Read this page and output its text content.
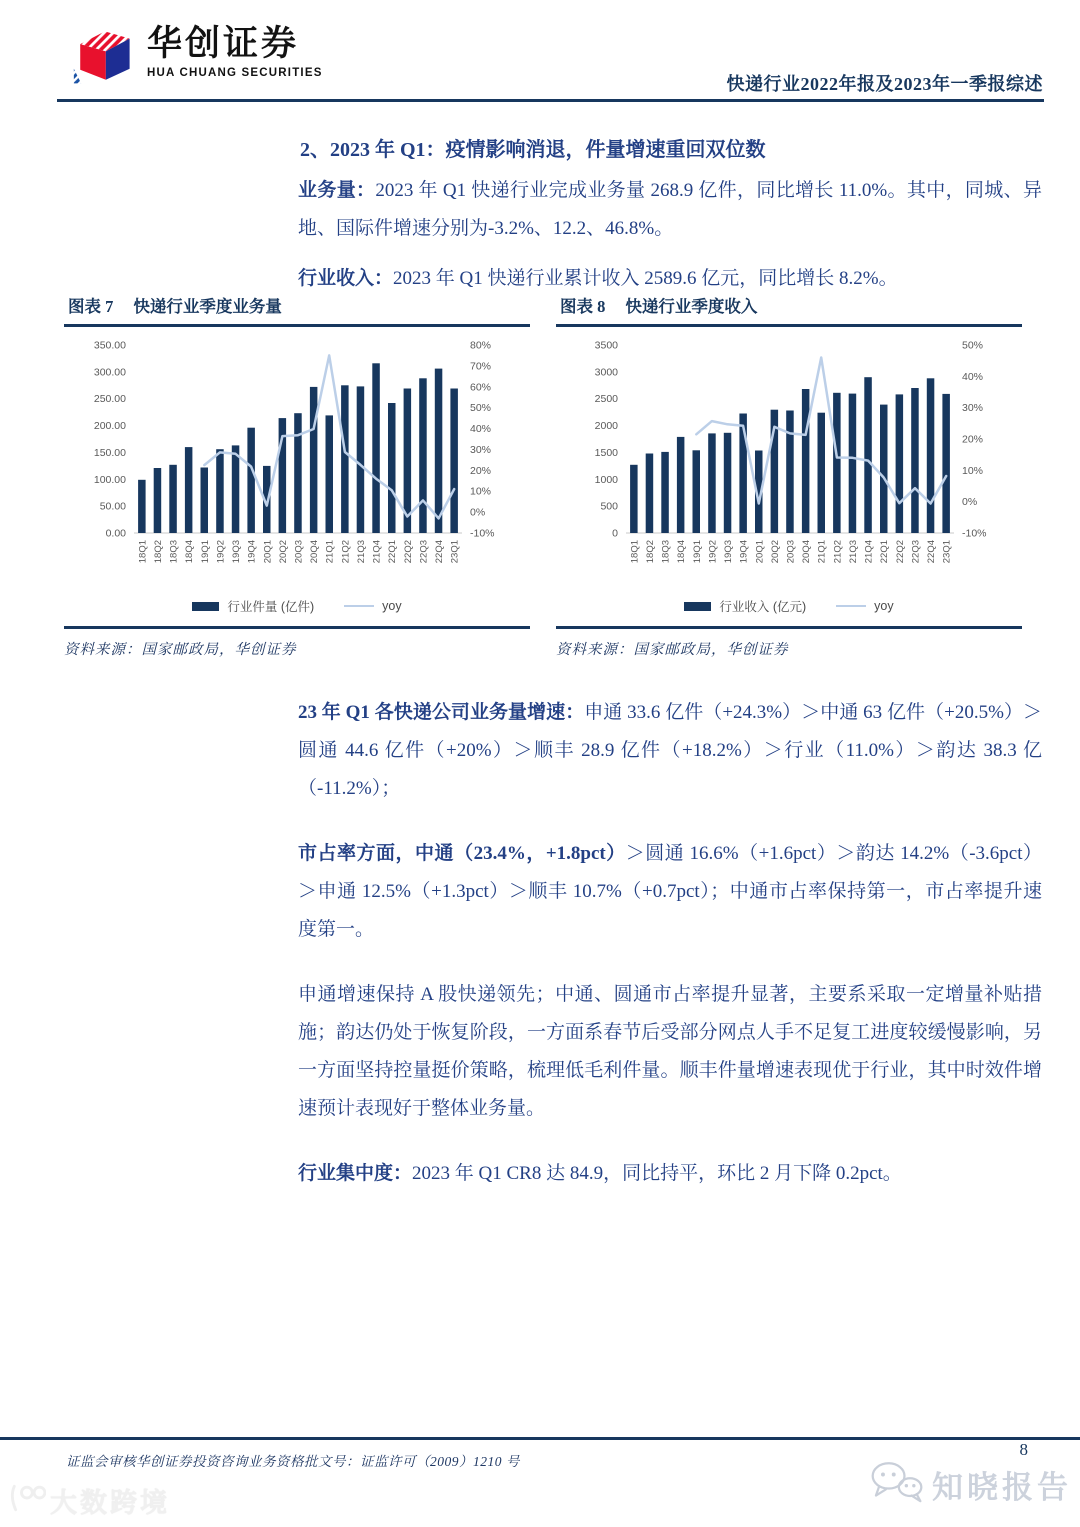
华创证券
HUA CHUANG SECURITIES
快递行业2022年报及2023年一季报综述
2、2023 年 Q1：疫情影响消退，件量增速重回双位数

业务量：2023 年 Q1 快递行业完成业务量 268.9 亿件，同比增长 11.0%。其中，同城、异地、国际件增速分别为-3.2%、12.2、46.8%。

行业收入：2023 年 Q1 快递行业累计收入 2589.6 亿元，同比增长 8.2%。

图表 7 快递行业季度业务量
350.00
300.00
250.00
200.00
150.00
100.00
50.00
0.00
80%
70%
60%
50%
40%
30%
20%
10%
0%
-10%
18Q1 18Q2 18Q3 18Q4 19Q1 19Q2 19Q3 19Q4 20Q1 20Q2 20Q3 20Q4 21Q1 21Q2 21Q3 21Q4 22Q1 22Q2 22Q3 22Q4 23Q1
行业件量 (亿件)	yoy
资料来源：国家邮政局，华创证券
图表 8 快递行业季度收入
3500
3000
2500
2000
1500
1000
500
0
50%
40%
30%
20%
10%
0%
-10%
18Q1 18Q2 18Q3 18Q4 19Q1 19Q2 19Q3 19Q4 20Q1 20Q2 20Q3 20Q4 21Q1 21Q2 21Q3 21Q4 22Q1 22Q2 22Q3 22Q4 23Q1
行业收入 (亿元)	yoy
资料来源：国家邮政局，华创证券

23 年 Q1 各快递公司业务量增速：申通 33.6 亿件（+24.3%）＞中通 63 亿件（+20.5%）＞圆通 44.6 亿件（+20%）＞顺丰 28.9 亿件（+18.2%）＞行业（11.0%）＞韵达 38.3 亿（-11.2%）；

市占率方面，中通（23.4%，+1.8pct）＞圆通 16.6%（+1.6pct）＞韵达 14.2%（-3.6pct）＞申通 12.5%（+1.3pct）＞顺丰 10.7%（+0.7pct）；中通市占率保持第一，市占率提升速度第一。

申通增速保持 A 股快递领先；中通、圆通市占率提升显著，主要系采取一定增量补贴措施；韵达仍处于恢复阶段，一方面系春节后受部分网点人手不足复工进度较缓慢影响，另一方面坚持控量挺价策略，梳理低毛利件量。顺丰件量增速表现优于行业，其中时效件增速预计表现好于整体业务量。

行业集中度：2023 年 Q1 CR8 达 84.9，同比持平，环比 2 月下降 0.2pct。

证监会审核华创证券投资咨询业务资格批文号：证监许可（2009）1210 号
8
知晓报告
大数跨境
